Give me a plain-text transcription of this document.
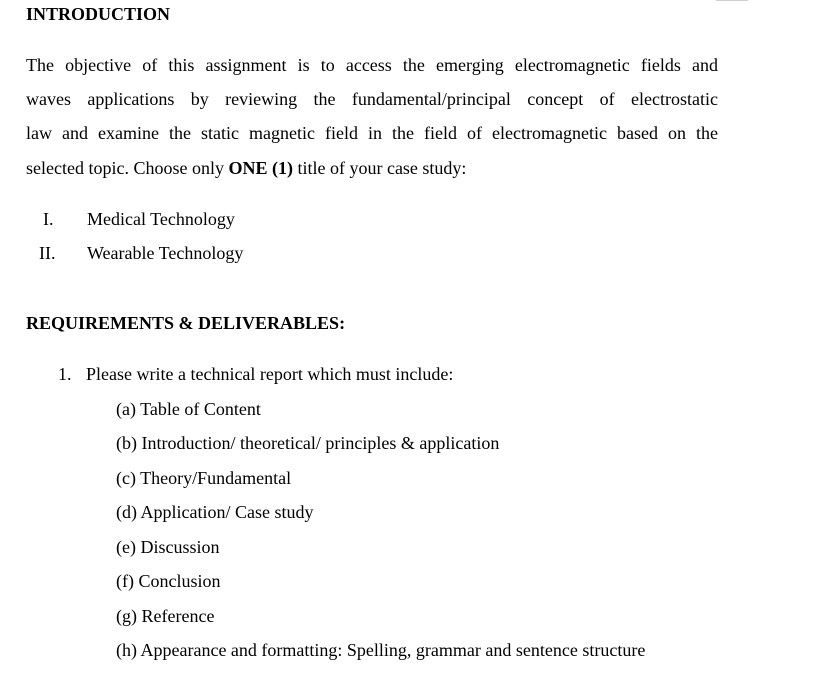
INTRODUCTION
The objective of this assignment is to access the emerging electromagnetic fields and
waves applications by reviewing the fundamental/principal concept of electrostatic
law and examine the static magnetic field in the field of electromagnetic based on the
selected topic. Choose only ONE (1) title of your case study:
I. Medical Technology
II. Wearable Technology
REQUIREMENTS & DELIVERABLES:
1. Please write a technical report which must include:
(a) Table of Content
(b) Introduction/ theoretical/ principles & application
(c) Theory/Fundamental
(d) Application/ Case study
(e) Discussion
(f) Conclusion
(g) Reference
(h) Appearance and formatting: Spelling, grammar and sentence structure
